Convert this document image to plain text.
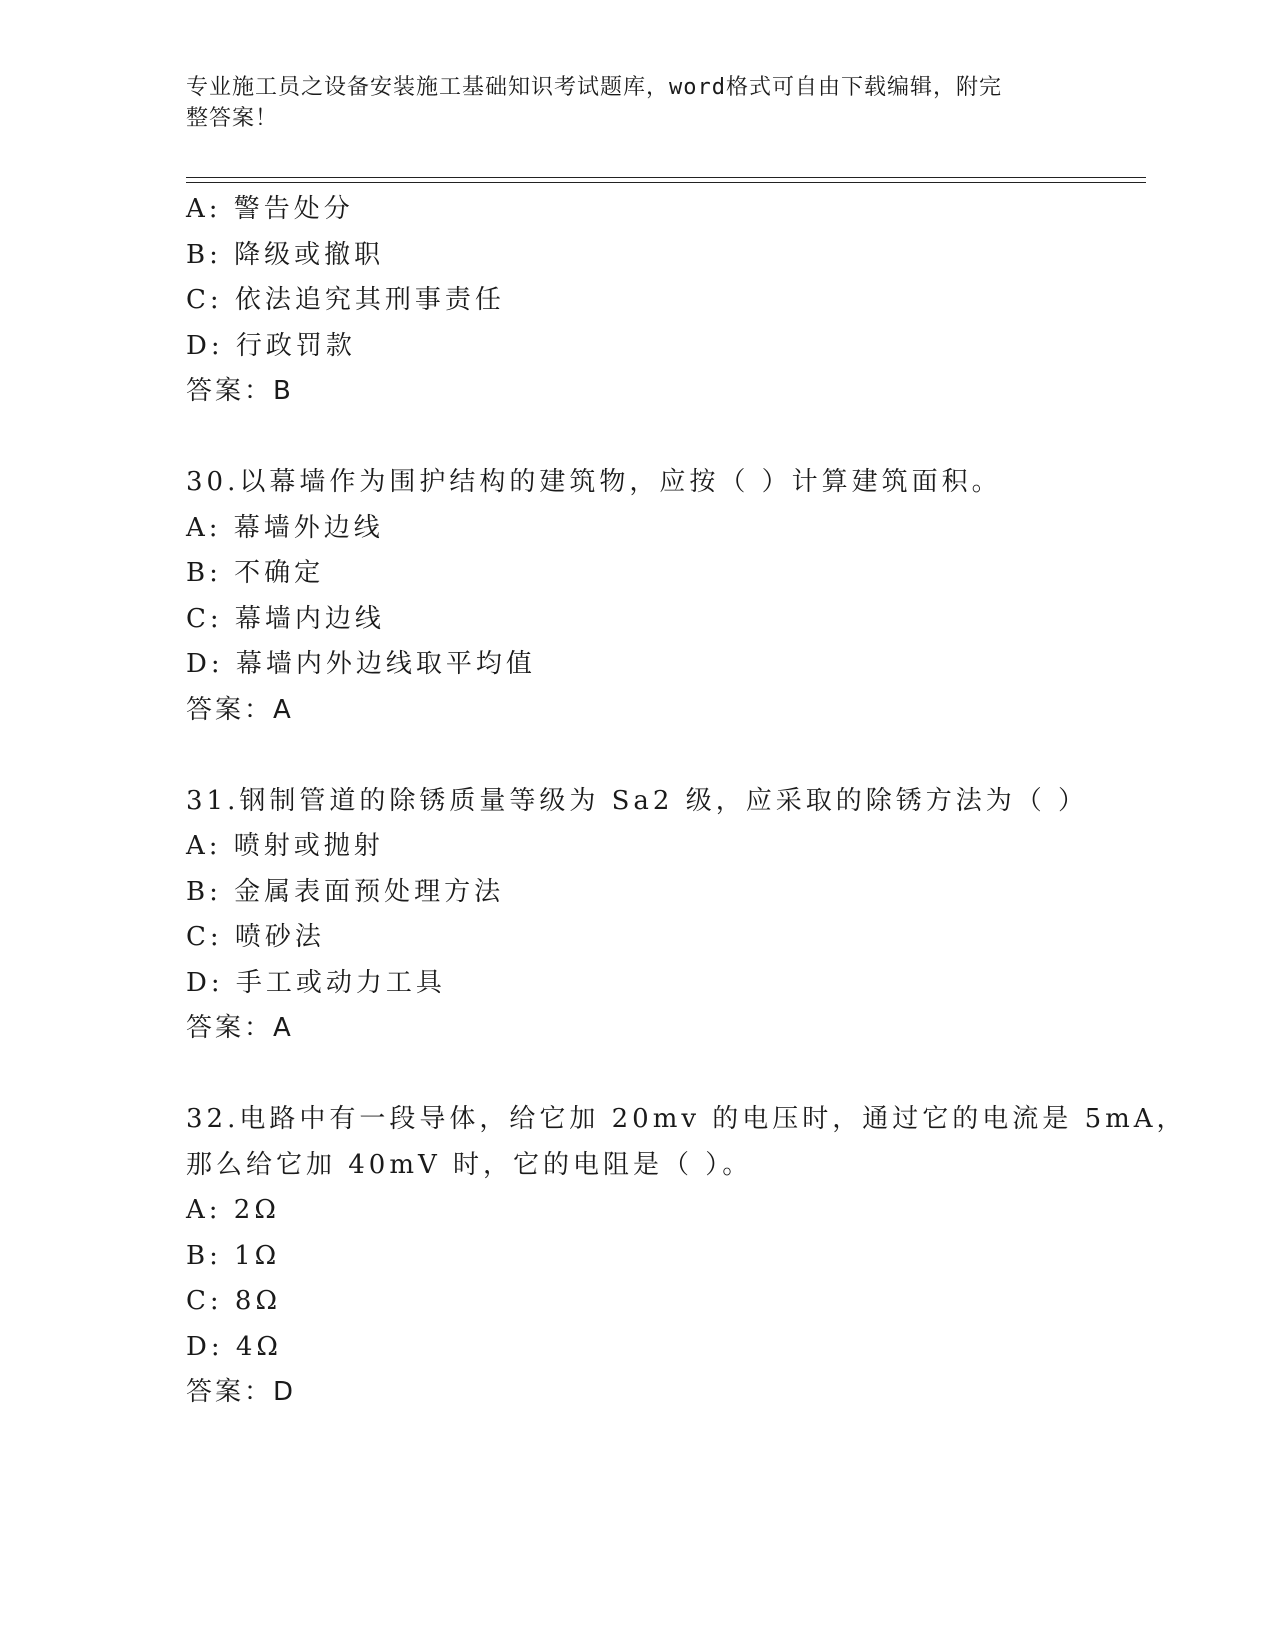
专业施工员之设备安装施工基础知识考试题库，word格式可自由下载编辑，附完
整答案！
A: 警告处分
B: 降级或撤职
C: 依法追究其刑事责任
D: 行政罚款
答案：B
30.以幕墙作为围护结构的建筑物，应按（ ）计算建筑面积。
A: 幕墙外边线
B: 不确定
C: 幕墙内边线
D: 幕墙内外边线取平均值
答案：A
31.钢制管道的除锈质量等级为 Sa2 级，应采取的除锈方法为（ ）
A: 喷射或抛射
B: 金属表面预处理方法
C: 喷砂法
D: 手工或动力工具
答案：A
32.电路中有一段导体，给它加 20mv 的电压时，通过它的电流是 5mA，
那么给它加 40mV 时，它的电阻是（ ）。
A: 2Ω
B: 1Ω
C: 8Ω
D: 4Ω
答案：D
